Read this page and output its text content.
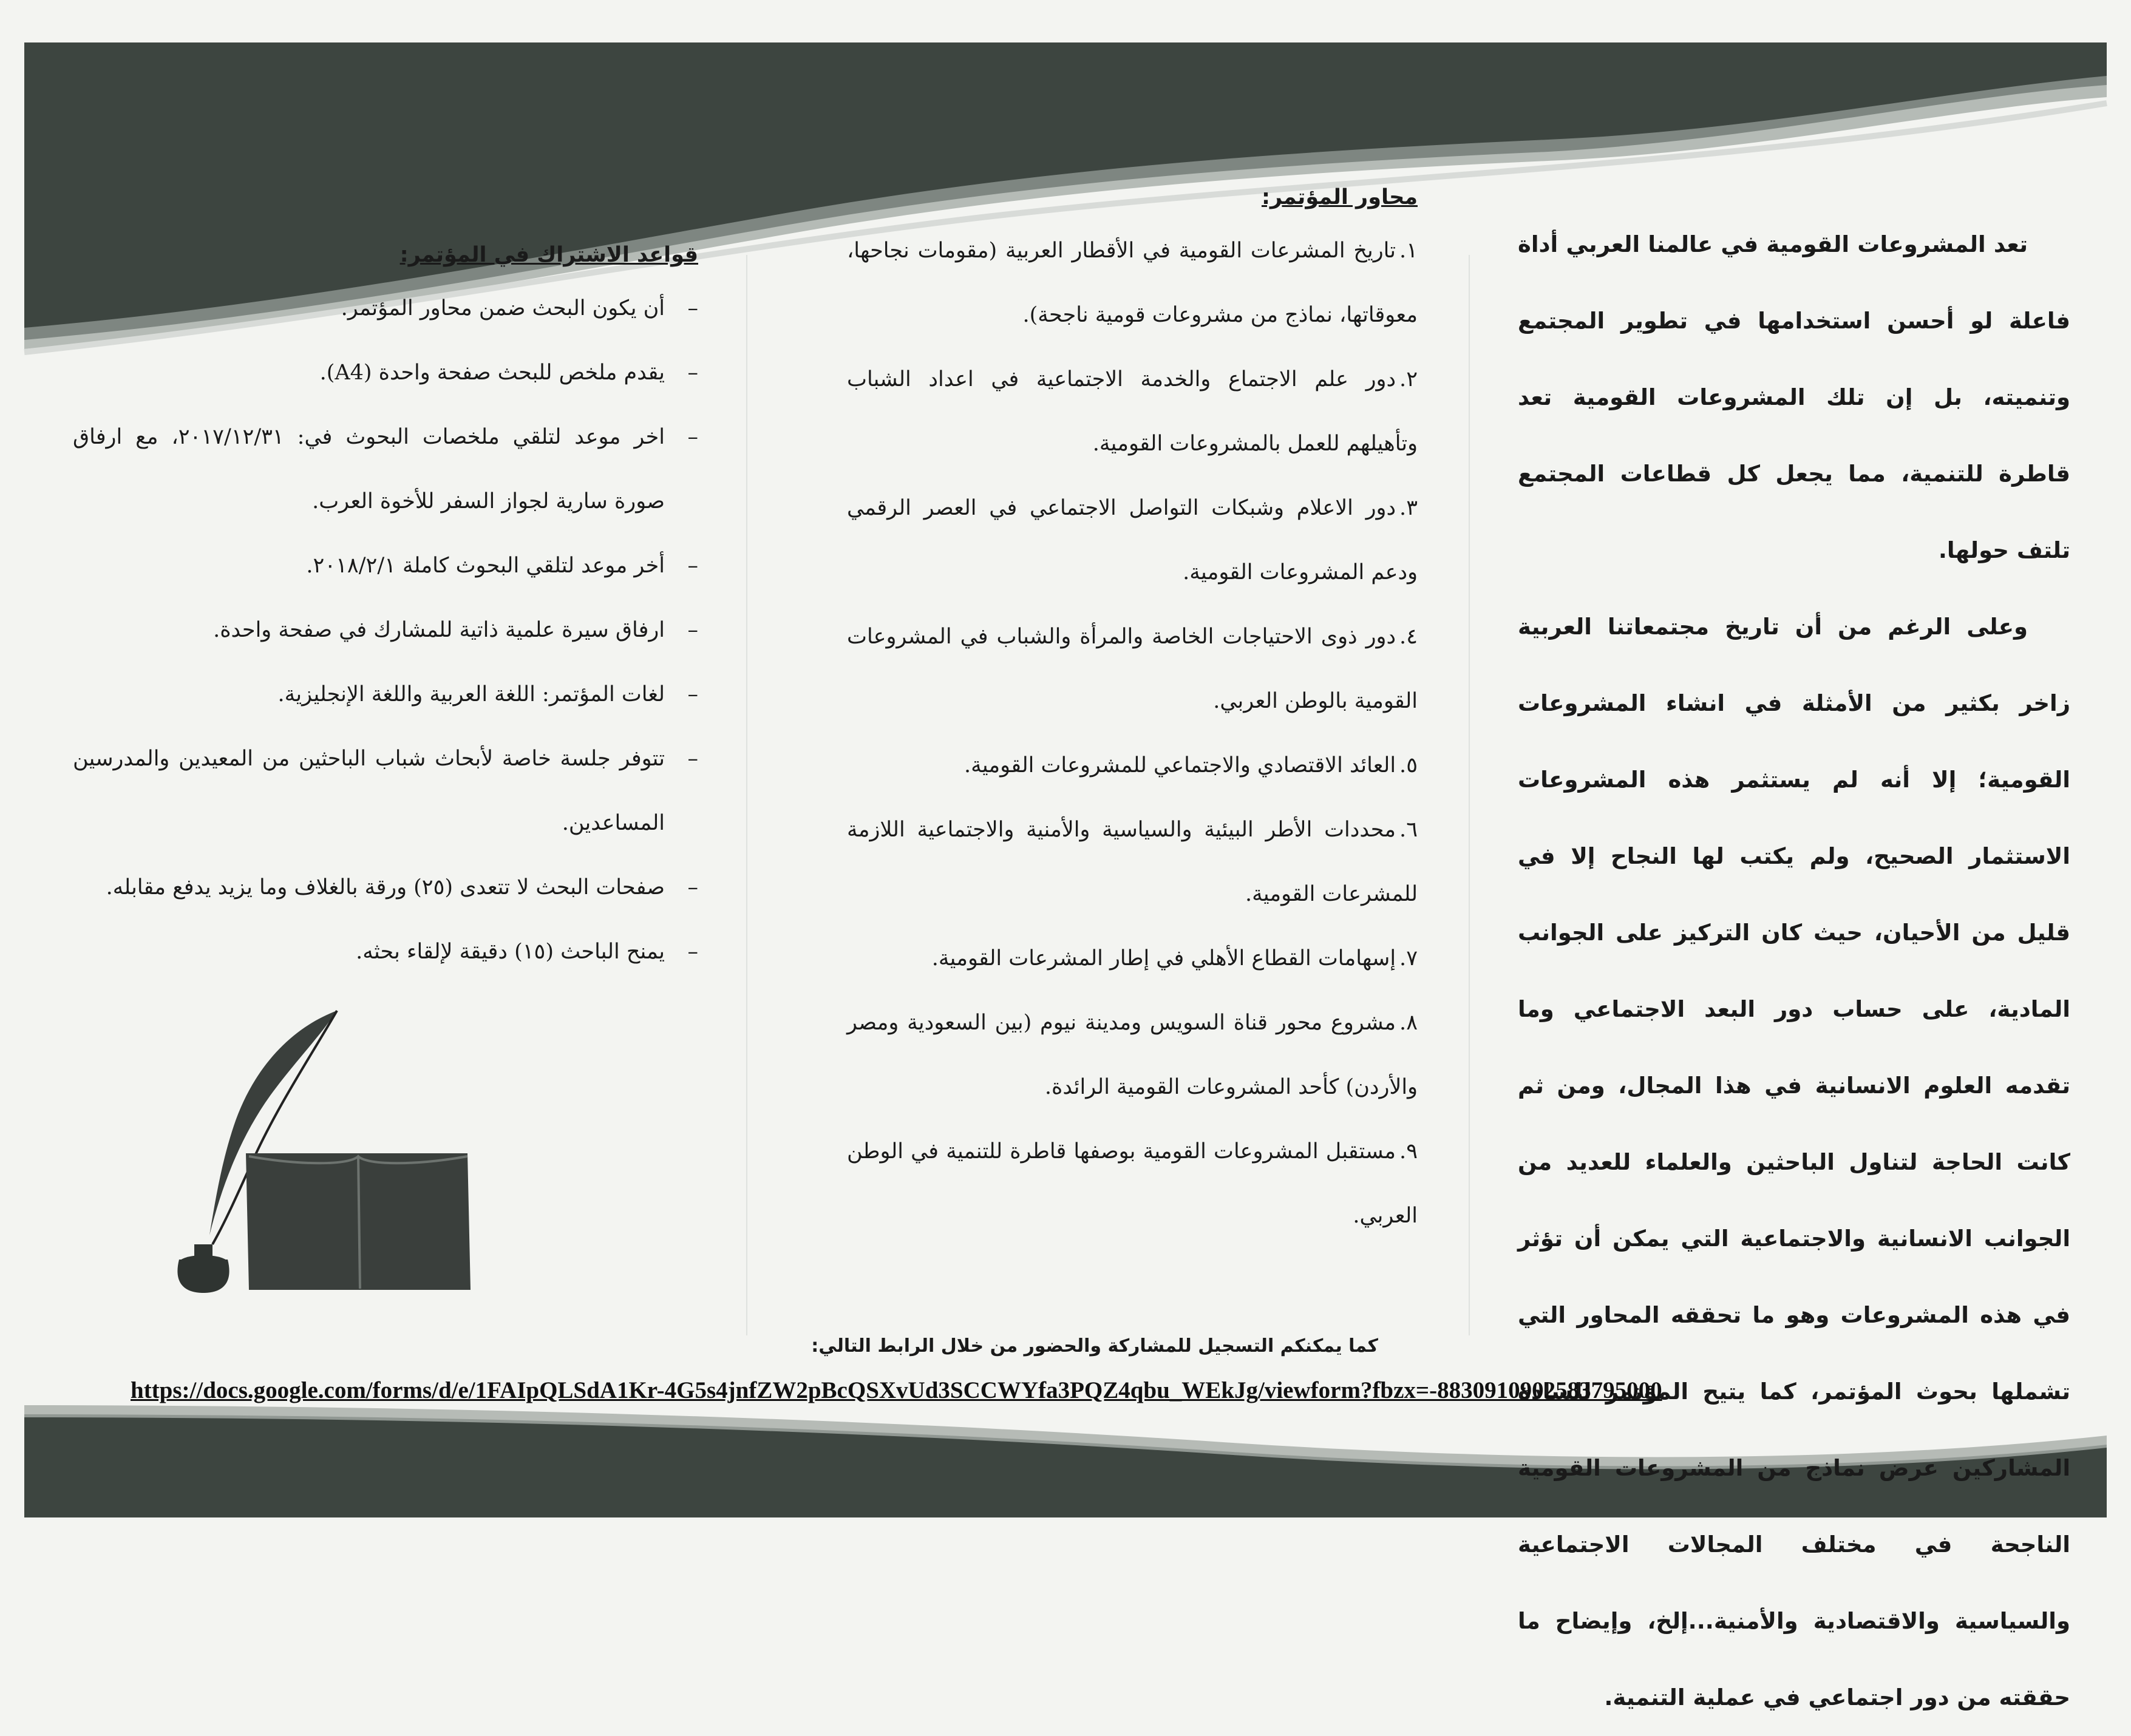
تعد المشروعات القومية في عالمنا العربي أداة فاعلة لو أحسن استخدامها في تطوير المجتمع وتنميته، بل إن تلك المشروعات القومية تعد قاطرة للتنمية، مما يجعل كل قطاعات المجتمع تلتف حولها.

وعلى الرغم من أن تاريخ مجتمعاتنا العربية زاخر بكثير من الأمثلة في انشاء المشروعات القومية؛ إلا أنه لم يستثمر هذه المشروعات الاستثمار الصحيح، ولم يكتب لها النجاح إلا في قليل من الأحيان، حيث كان التركيز على الجوانب المادية، على حساب دور البعد الاجتماعي وما تقدمه العلوم الانسانية في هذا المجال، ومن ثم كانت الحاجة لتناول الباحثين والعلماء للعديد من الجوانب الانسانية والاجتماعية التي يمكن أن تؤثر في هذه المشروعات وهو ما تحققه المحاور التي تشملها بحوث المؤتمر، كما يتيح المؤتمر للسادة المشاركين عرض نماذج من المشروعات القومية الناجحة في مختلف المجالات الاجتماعية والسياسية والاقتصادية والأمنية...إلخ، وإيضاح ما حققته من دور اجتماعي في عملية التنمية.

محاور المؤتمر:
١.تاريخ المشرعات القومية في الأقطار العربية (مقومات نجاحها، معوقاتها، نماذج من مشروعات قومية ناجحة).
٢.دور علم الاجتماع والخدمة الاجتماعية في اعداد الشباب وتأهيلهم للعمل بالمشروعات القومية.
٣.دور الاعلام وشبكات التواصل الاجتماعي في العصر الرقمي ودعم المشروعات القومية.
٤.دور ذوى الاحتياجات الخاصة والمرأة والشباب في المشروعات القومية بالوطن العربي.
٥.العائد الاقتصادي والاجتماعي للمشروعات القومية.
٦.محددات الأطر البيئية والسياسية والأمنية والاجتماعية اللازمة للمشرعات القومية.
٧.إسهامات القطاع الأهلي في إطار المشرعات القومية.
٨.مشروع محور قناة السويس ومدينة نيوم (بين السعودية ومصر والأردن) كأحد المشروعات القومية الرائدة.
٩.مستقبل المشروعات القومية بوصفها قاطرة للتنمية في الوطن العربي.
قواعد الاشتراك في المؤتمر:
– أن يكون البحث ضمن محاور المؤتمر.
– يقدم ملخص للبحث صفحة واحدة (A4).
– اخر موعد لتلقي ملخصات البحوث في: ٢٠١٧/١٢/٣١، مع ارفاق صورة سارية لجواز السفر للأخوة العرب.
– أخر موعد لتلقي البحوث كاملة ٢٠١٨/٢/١.
– ارفاق سيرة علمية ذاتية للمشارك في صفحة واحدة.
– لغات المؤتمر: اللغة العربية واللغة الإنجليزية.
– تتوفر جلسة خاصة لأبحاث شباب الباحثين من المعيدين والمدرسين المساعدين.
– صفحات البحث لا تتعدى (٢٥) ورقة بالغلاف وما يزيد يدفع مقابله.
– يمنح الباحث (١٥) دقيقة لإلقاء بحثه.
كما يمكنكم التسجيل للمشاركة والحضور من خلال الرابط التالي:
https://docs.google.com/forms/d/e/1FAIpQLSdA1Kr-4G5s4jnfZW2pBcQSXvUd3SCCWYfa3PQZ4qbu_WEkJg/viewform?fbzx=-8830910902583795000
